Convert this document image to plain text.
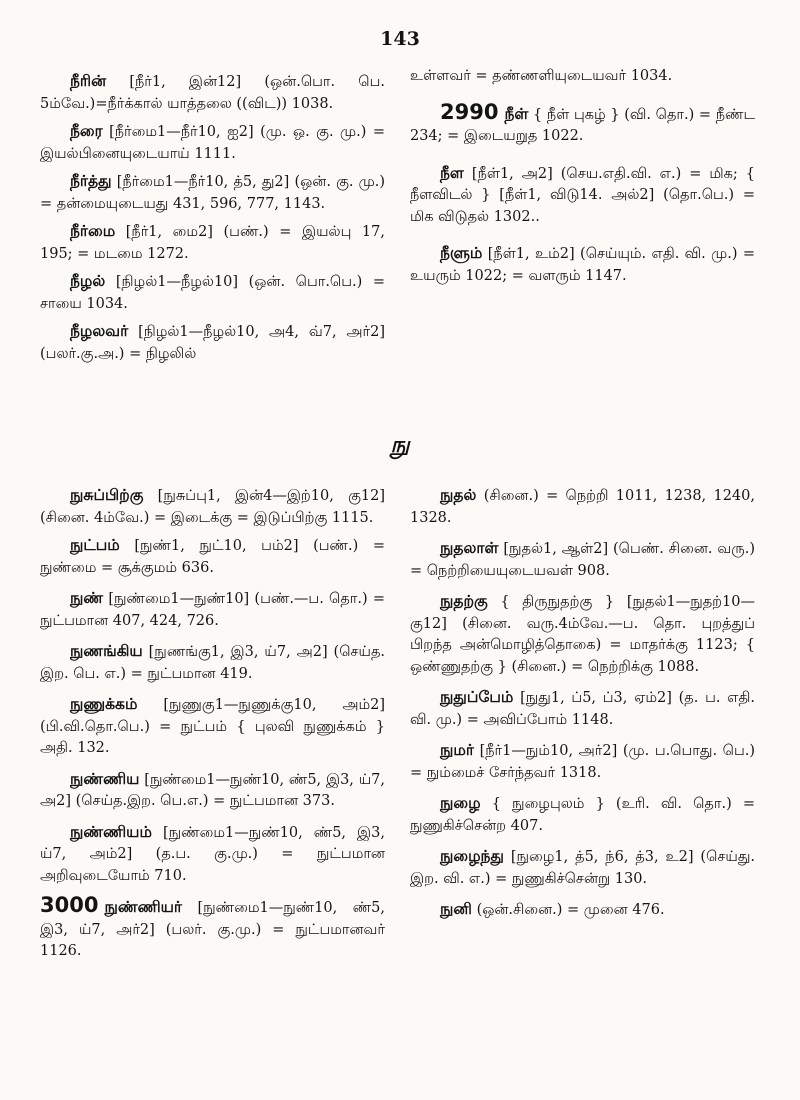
143
நீரின் [நீர்1, இன்12] (ஒன்.பொ. பெ. 5ம்வே.)=நீர்க்கால் யாத்தலை ((விட)) 1038.
நீரை [நீர்மை1—நீர்10, ஐ2] (மு. ஒ. கு. மு.) = இயல்பினையுடையாய் 1111.
நீர்த்து [நீர்மை1—நீர்10, த்5, து2] (ஒன். கு. மு.) = தன்மையுடையது 431, 596, 777, 1143.
நீர்மை [நீர்1, மை2] (பண்.) = இயல்பு 17, 195; = மடமை 1272.
நீழல் [நிழல்1—நீழல்10] (ஒன். பொ.பெ.) = சாயை 1034.
நீழலவர் [நிழல்1—நீழல்10, அ4, வ்7, அர்2] (பலர்.கு.அ.) = நிழலில்
உள்ளவர் = தண்ணளியுடையவர் 1034.
2990 நீள் { நீள் புகழ் } (வி. தொ.) = நீண்ட 234; = இடையறுத 1022.
நீள [நீள்1, அ2] (செய.எதி.வி. எ.) = மிக; { நீளவிடல் } [நீள்1, விடு14. அல்2] (தொ.பெ.) = மிக விடுதல் 1302..
நீளும் [நீள்1, உம்2] (செய்யும். எதி. வி. மு.) = உயரும் 1022; = வளரும் 1147.
நு
நுசுப்பிற்கு [நுசுப்பு1, இன்4—இற்10, கு12] (சினை. 4ம்வே.) = இடைக்கு = இடுப்பிற்கு 1115.
நுட்பம் [நுண்1, நுட்10, பம்2] (பண்.) = நுண்மை = சூக்குமம் 636.
நுண் [நுண்மை1—நுண்10] (பண்.—ப. தொ.) = நுட்பமான 407, 424, 726.
நுணங்கிய [நுணங்கு1, இ3, ய்7, அ2] (செய்த. இற. பெ. எ.) = நுட்பமான 419.
நுணுக்கம் [நுணுகு1—நுணுக்கு10, அம்2] (பி.வி.தொ.பெ.) = நுட்பம் { புலவி நுணுக்கம் } அதி. 132.
நுண்ணிய [நுண்மை1—நுண்10, ண்5, இ3, ய்7, அ2] (செய்த.இற. பெ.எ.) = நுட்பமான 373.
நுண்ணியம் [நுண்மை1—நுண்10, ண்5, இ3, ய்7, அம்2] (த.ப. கு.மு.) = நுட்பமான அறிவுடையோம் 710.
3000 நுண்ணியர் [நுண்மை1—நுண்10, ண்5, இ3, ய்7, அர்2] (பலர். கு.மு.) = நுட்பமானவர் 1126.
நுதல் (சினை.) = நெற்றி 1011, 1238, 1240, 1328.
நுதலாள் [நுதல்1, ஆள்2] (பெண். சினை. வரு.) = நெற்றியையுடையவள் 908.
நுதற்கு { திருநுதற்கு } [நுதல்1—நுதற்10—கு12] (சினை. வரு.4ம்வே.—ப. தொ. புறத்துப் பிறந்த அன்மொழித்தொகை) = மாதர்க்கு 1123; { ஒண்ணுதற்கு } (சினை.) = நெற்றிக்கு 1088.
நுதுப்பேம் [நுது1, ப்5, ப்3, ஏம்2] (த. ப. எதி. வி. மு.) = அவிப்போம் 1148.
நுமர் [நீர்1—நும்10, அர்2] (மு. ப.பொது. பெ.) = நும்மைச் சேர்ந்தவர் 1318.
நுழை { நுழைபுலம் } (உரி. வி. தொ.) = நுணுகிச்சென்ற 407.
நுழைந்து [நுழை1, த்5, ந்6, த்3, உ2] (செய்து. இற. வி. எ.) = நுணுகிச்சென்று 130.
நுனி (ஒன்.சினை.) = முனை 476.
